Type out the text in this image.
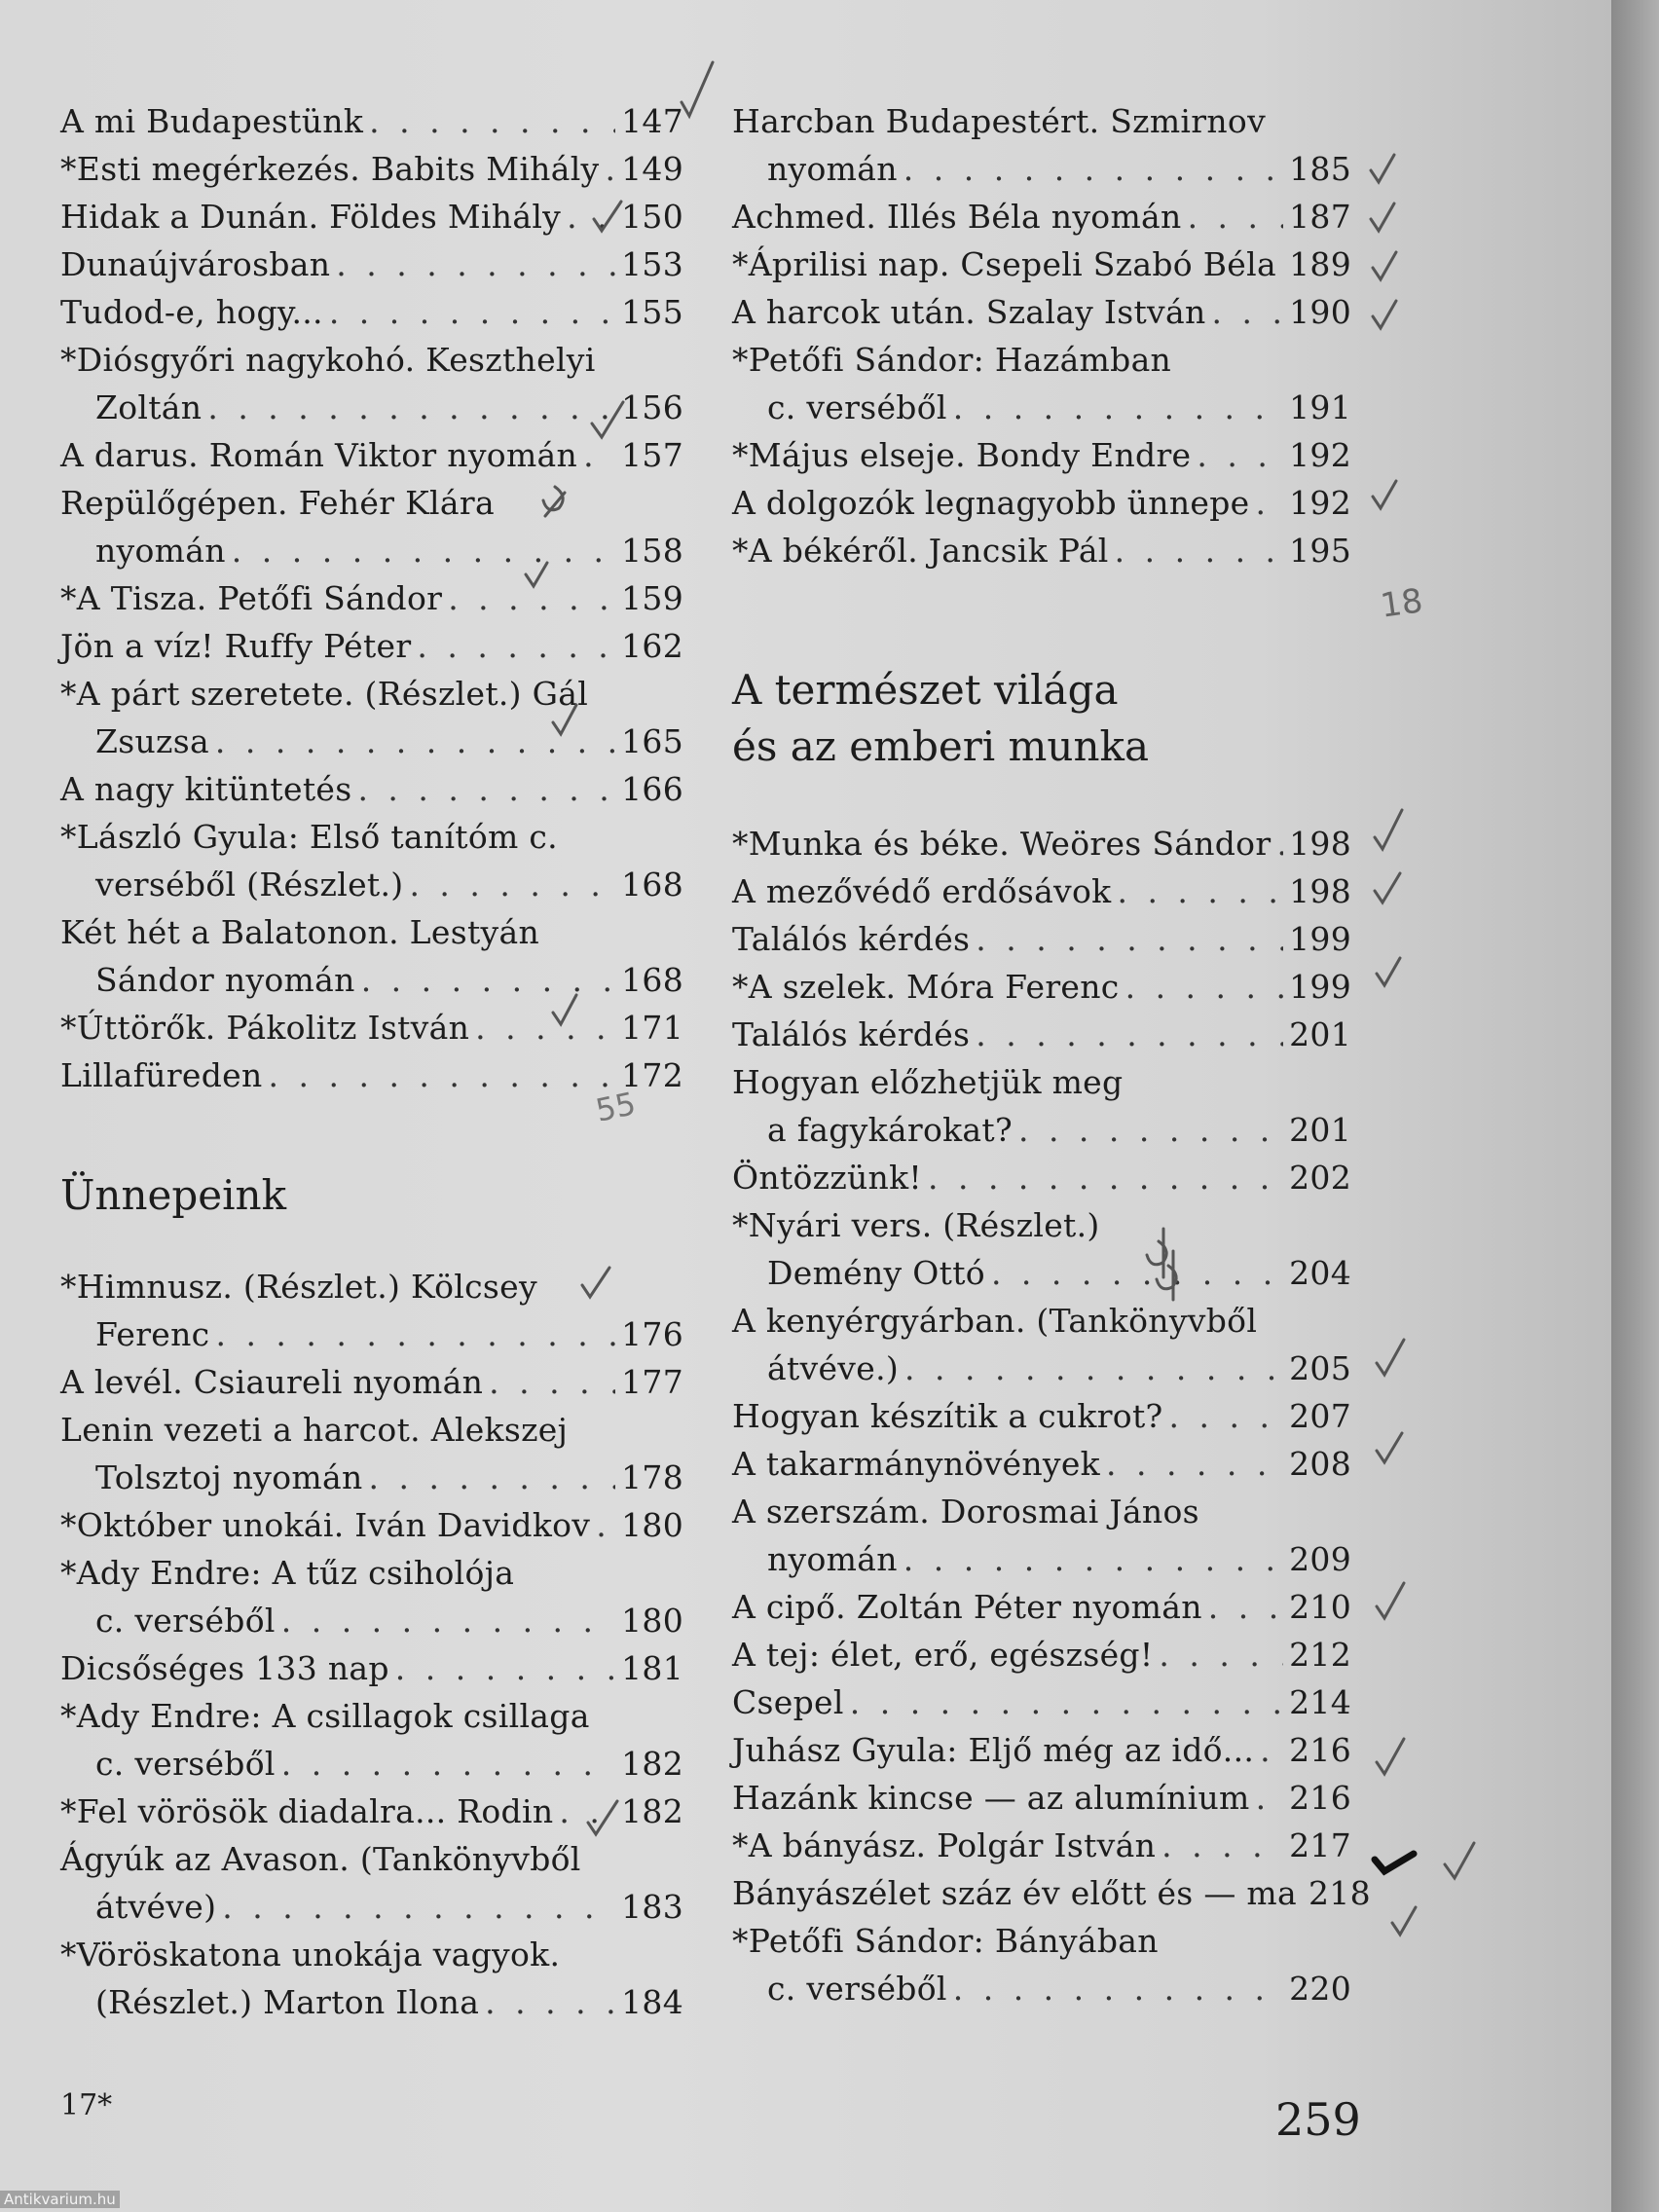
A mi Budapestünk . . .	147
*Esti megérkezés. Babits Mihály . . . 149
Hidak a Dunán. Földes Mihály . . . 150
Dunaújvárosban . . .	153
Tudod-e, hogy... . . .	155
*Diósgyőri nagykohó. Keszthelyi
Zoltán . . .	156
A darus. Román Viktor nyomán . . . 157
Repülőgépen. Fehér Klára
nyomán . . .	158
*A Tisza. Petőfi Sándor . . .	159
Jön a víz! Ruffy Péter . . .	162
*A párt szeretete. (Részlet.) Gál
Zsuzsa . . .	165
A nagy kitüntetés . . .	166
*László Gyula: Első tanítóm c.
verséből (Részlet.) . . .	168
Két hét a Balatonon. Lestyán
Sándor nyomán . . .	168
*Úttörők. Pákolitz István . . .	171
Lillafüreden . . .	172
Ünnepeink
*Himnusz. (Részlet.) Kölcsey
Ferenc . . .	176
A levél. Csiaureli nyomán . . .	177
Lenin vezeti a harcot. Alekszej
Tolsztoj nyomán . . .	178
*Október unokái. Iván Davidkov . . . 180
*Ady Endre: A tűz csiholója
c. verséből . . .	180
Dicsőséges 133 nap . . .	181
*Ady Endre: A csillagok csillaga
c. verséből . . .	182
*Fel vörösök diadalra... Rodin . . . 182
Ágyúk az Avason. (Tankönyvből
átvéve) . . .	183
*Vöröskatona unokája vagyok.
(Részlet.) Marton Ilona . . .	184
Harcban Budapestért. Szmirnov
nyomán . . .	185
Achmed. Illés Béla nyomán . . .	187
*Áprilisi nap. Csepeli Szabó Béla . . . 189
A harcok után. Szalay István . . .	190
*Petőfi Sándor: Hazámban
c. verséből . . .	191
*Május elseje. Bondy Endre . . .	192
A dolgozók legnagyobb ünnepe . . . 192
*A békéről. Jancsik Pál . . .	195
A természet világa
és az emberi munka
*Munka és béke. Weöres Sándor . . . 198
A mezővédő erdősávok . . .	198
Találós kérdés . . .	199
*A szelek. Móra Ferenc . . .	199
Találós kérdés . . .	201
Hogyan előzhetjük meg
a fagykárokat? . . .	201
Öntözzünk! . . .	202
*Nyári vers. (Részlet.)
Demény Ottó . . .	204
A kenyérgyárban. (Tankönyvből
átvéve.) . . .	205
Hogyan készítik a cukrot? . . .	207
A takarmánynövények . . .	208
A szerszám. Dorosmai János
nyomán . . .	209
A cipő. Zoltán Péter nyomán . . .	210
A tej: élet, erő, egészség! . . .	212
Csepel . . .	214
Juhász Gyula: Eljő még az idő... . . . 216
Hazánk kincse — az alumínium . . . 216
*A bányász. Polgár István . . .	217
Bányászélet száz év előtt és — ma 218
*Petőfi Sándor: Bányában
c. verséből . . .	220
17*	259
18
55
Antikvarium.hu
